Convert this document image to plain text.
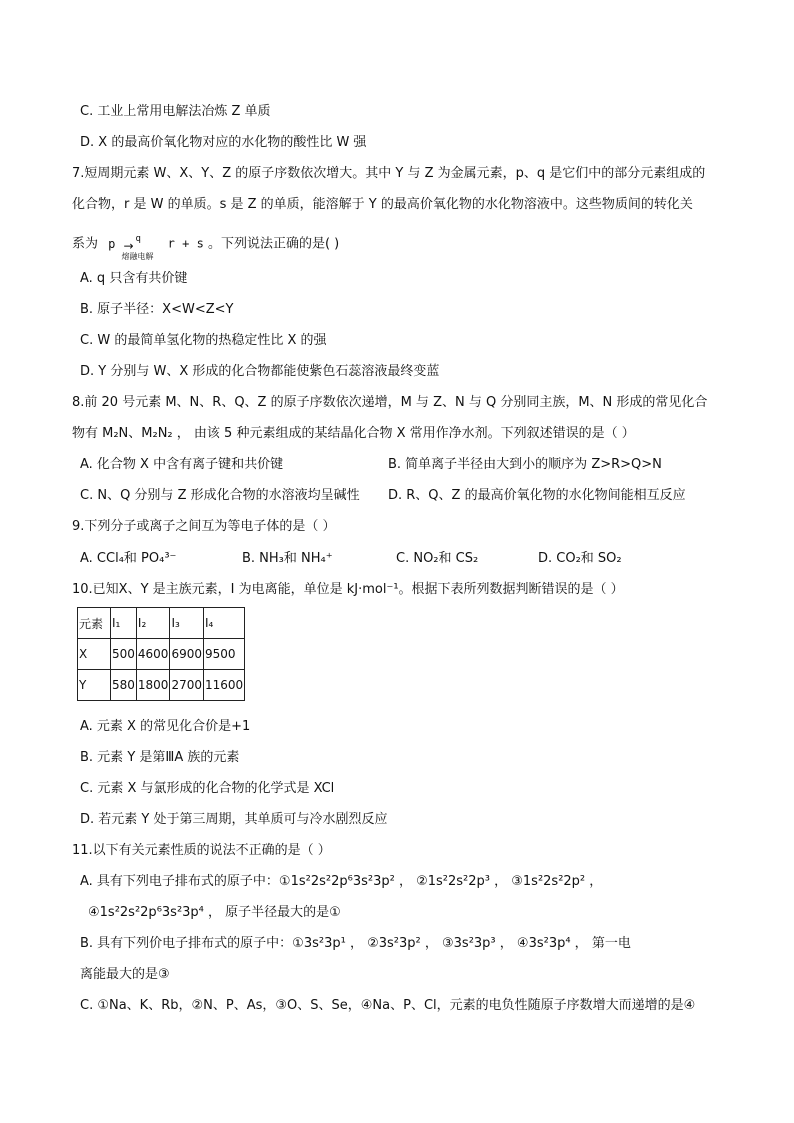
C. 工业上常用电解法冶炼 Z 单质
D. X 的最高价氧化物对应的水化物的酸性比 W 强
7.短周期元素 W、X、Y、Z 的原子序数依次增大。其中 Y 与 Z 为金属元素，p、q 是它们中的部分元素组成的
化合物，r 是 W 的单质。s 是 Z 的单质，能溶解于 Y 的最高价氧化物的水化物溶液中。这些物质间的转化关
系为 p q
→
熔融电解
r + s 。下列说法正确的是( )
A. q 只含有共价键
B. 原子半径：X<W<Z<Y
C. W 的最简单氢化物的热稳定性比 X 的强
D. Y 分别与 W、X 形成的化合物都能使紫色石蕊溶液最终变蓝
8.前 20 号元素 M、N、R、Q、Z 的原子序数依次递增，M 与 Z、N 与 Q 分别同主族，M、N 形成的常见化合
物有 M₂N、M₂N₂ ， 由该 5 种元素组成的某结晶化合物 X 常用作净水剂。下列叙述错误的是（ ）
A. 化合物 X 中含有离子键和共价键	B. 简单离子半径由大到小的顺序为 Z>R>Q>N
C. N、Q 分别与 Z 形成化合物的水溶液均呈碱性 D. R、Q、Z 的最高价氧化物的水化物间能相互反应
9.下列分子或离子之间互为等电子体的是（ ）
A. CCl₄和 PO₄³⁻	B. NH₃和 NH₄⁺	C. NO₂和 CS₂	D. CO₂和 SO₂
10.已知X、Y 是主族元素，I 为电离能，单位是 kJ·mol⁻¹。根据下表所列数据判断错误的是（ ）
元素	I₁	I₂	I₃	I₄
X	500	4600	6900	9500
Y	580	1800	2700	11600
A. 元素 X 的常见化合价是+1
B. 元素 Y 是第ⅢA 族的元素
C. 元素 X 与氯形成的化合物的化学式是 XCl
D. 若元素 Y 处于第三周期，其单质可与冷水剧烈反应
11.以下有关元素性质的说法不正确的是（ ）
A. 具有下列电子排布式的原子中：①1s²2s²2p⁶3s²3p² ， ②1s²2s²2p³ ， ③1s²2s²2p² ，
④1s²2s²2p⁶3s²3p⁴ ， 原子半径最大的是①
B. 具有下列价电子排布式的原子中：①3s²3p¹ ， ②3s²3p² ， ③3s²3p³ ， ④3s²3p⁴ ， 第一电
离能最大的是③
C. ①Na、K、Rb，②N、P、As，③O、S、Se，④Na、P、Cl，元素的电负性随原子序数增大而递增的是④
